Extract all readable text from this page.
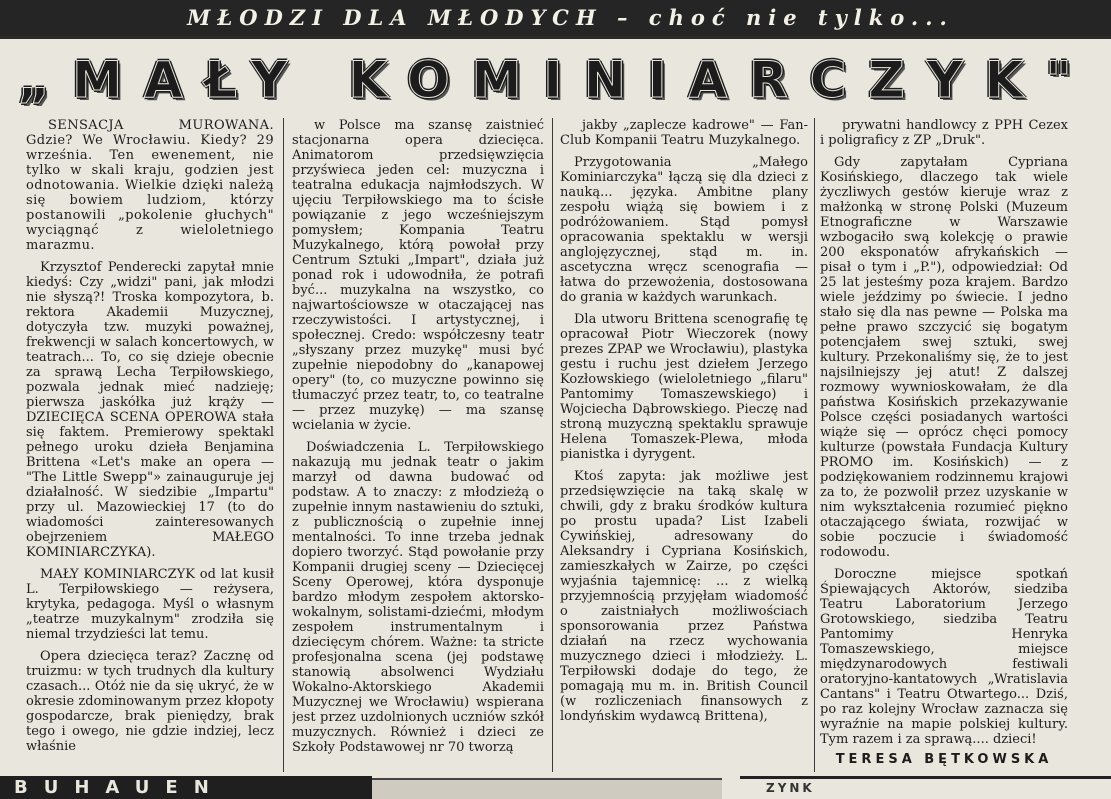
MŁODZI DLA MŁODYCH – choć nie tylko...
„MAŁY KOMINIARCZYK"

SENSACJA MUROWANA. Gdzie? We Wrocławiu. Kiedy? 29 września. Ten ewenement, nie tylko w skali kraju, godzien jest odnotowania. Wielkie dzięki należą się bowiem ludziom, którzy postanowili „pokolenie głuchych" wyciągnąć z wieloletniego marazmu.

Krzysztof Penderecki zapytał mnie kiedyś: Czy „widzi" pani, jak młodzi nie słyszą?! Troska kompozytora, b. rektora Akademii Muzycznej, dotyczyła tzw. muzyki poważnej, frekwencji w salach koncertowych, w teatrach... To, co się dzieje obecnie za sprawą Lecha Terpiłowskiego, pozwala jednak mieć nadzieję; pierwsza jaskółka już krąży — DZIECIĘCA SCENA OPEROWA stała się faktem. Premierowy spektakl pełnego uroku dzieła Benjamina Brittena «Let's make an opera — "The Little Swepp"» zainauguruje jej działalność. W siedzibie „Impartu" przy ul. Mazowieckiej 17 (to do wiadomości zainteresowanych obejrzeniem MAŁEGO KOMINIARCZYKA).

MAŁY KOMINIARCZYK od lat kusił L. Terpiłowskiego — reżysera, krytyka, pedagoga. Myśl o własnym „teatrze muzykalnym" zrodziła się niemal trzydzieści lat temu.

Opera dziecięca teraz? Zacznę od truizmu: w tych trudnych dla kultury czasach... Otóż nie da się ukryć, że w okresie zdominowanym przez kłopoty gospodarcze, brak pieniędzy, brak tego i owego, nie gdzie indziej, lecz właśnie

w Polsce ma szansę zaistnieć stacjonarna opera dziecięca. Animatorom przedsięwzięcia przyświeca jeden cel: muzyczna i teatralna edukacja najmłodszych. W ujęciu Terpiłowskiego ma to ścisłe powiązanie z jego wcześniejszym pomysłem; Kompania Teatru Muzykalnego, którą powołał przy Centrum Sztuki „Impart", działa już ponad rok i udowodniła, że potrafi być... muzykalna na wszystko, co najwartościowsze w otaczającej nas rzeczywistości. I artystycznej, i społecznej. Credo: współczesny teatr „słyszany przez muzykę" musi być zupełnie niepodobny do „kanapowej opery" (to, co muzyczne powinno się tłumaczyć przez teatr, to, co teatralne — przez muzykę) — ma szansę wcielania w życie.

Doświadczenia L. Terpiłowskiego nakazują mu jednak teatr o jakim marzył od dawna budować od podstaw. A to znaczy: z młodzieżą o zupełnie innym nastawieniu do sztuki, z publicznością o zupełnie innej mentalności. To inne trzeba jednak dopiero tworzyć. Stąd powołanie przy Kompanii drugiej sceny — Dziecięcej Sceny Operowej, która dysponuje bardzo młodym zespołem aktorsko-wokalnym, solistami-dziećmi, młodym zespołem instrumentalnym i dziecięcym chórem. Ważne: ta stricte profesjonalna scena (jej podstawę stanowią absolwenci Wydziału Wokalno-Aktorskiego Akademii Muzycznej we Wrocławiu) wspierana jest przez uzdolnionych uczniów szkół muzycznych. Również i dzieci ze Szkoły Podstawowej nr 70 tworzą

jakby „zaplecze kadrowe" — Fan-Club Kompanii Teatru Muzykalnego.

Przygotowania „Małego Kominiarczyka" łączą się dla dzieci z nauką... języka. Ambitne plany zespołu wiążą się bowiem i z podróżowaniem. Stąd pomysł opracowania spektaklu w wersji anglojęzycznej, stąd m. in. ascetyczna wręcz scenografia — łatwa do przewożenia, dostosowana do grania w każdych warunkach.

Dla utworu Brittena scenografię tę opracował Piotr Wieczorek (nowy prezes ZPAP we Wrocławiu), plastyka gestu i ruchu jest dziełem Jerzego Kozłowskiego (wieloletniego „filaru" Pantomimy Tomaszewskiego) i Wojciecha Dąbrowskiego. Pieczę nad stroną muzyczną spektaklu sprawuje Helena Tomaszek-Plewa, młoda pianistka i dyrygent.

Ktoś zapyta: jak możliwe jest przedsięwzięcie na taką skalę w chwili, gdy z braku środków kultura po prostu upada? List Izabeli Cywińskiej, adresowany do Aleksandry i Cypriana Kosińskich, zamieszkałych w Zairze, po części wyjaśnia tajemnicę: ... z wielką przyjemnością przyjęłam wiadomość o zaistniałych możliwościach sponsorowania przez Państwa działań na rzecz wychowania muzycznego dzieci i młodzieży. L. Terpiłowski dodaje do tego, że pomagają mu m. in. British Council (w rozliczeniach finansowych z londyńskim wydawcą Brittena),

prywatni handlowcy z PPH Cezex i poligraficy z ZP „Druk".

Gdy zapytałam Cypriana Kosińskiego, dlaczego tak wiele życzliwych gestów kieruje wraz z małżonką w stronę Polski (Muzeum Etnograficzne w Warszawie wzbogaciło swą kolekcję o prawie 200 eksponatów afrykańskich — pisał o tym i „P."), odpowiedział: Od 25 lat jesteśmy poza krajem. Bardzo wiele jeździmy po świecie. I jedno stało się dla nas pewne — Polska ma pełne prawo szczycić się bogatym potencjałem swej sztuki, swej kultury. Przekonaliśmy się, że to jest najsilniejszy jej atut! Z dalszej rozmowy wywnioskowałam, że dla państwa Kosińskich przekazywanie Polsce części posiadanych wartości wiąże się — oprócz chęci pomocy kulturze (powstała Fundacja Kultury PROMO im. Kosińskich) — z podziękowaniem rodzinnemu krajowi za to, że pozwolił przez uzyskanie w nim wykształcenia rozumieć piękno otaczającego świata, rozwijać w sobie poczucie i świadomość rodowodu.

Doroczne miejsce spotkań Śpiewających Aktorów, siedziba Teatru Laboratorium Jerzego Grotowskiego, siedziba Teatru Pantomimy Henryka Tomaszewskiego, miejsce międzynarodowych festiwali oratoryjno-kantatowych „Wratislavia Cantans" i Teatru Otwartego... Dziś, po raz kolejny Wrocław zaznacza się wyraźnie na mapie polskiej kultury. Tym razem i za sprawą.... dzieci!

TERESA BĘTKOWSKA
BUHAUEN	ZYNK
